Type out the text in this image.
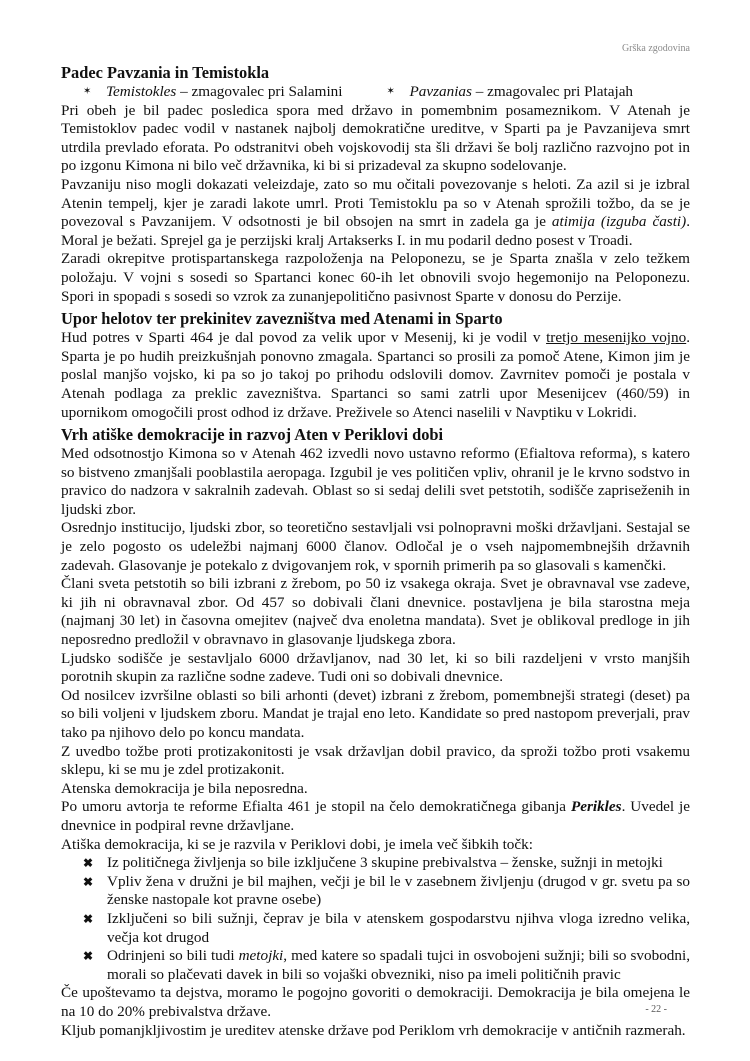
Grška zgodovina
Padec Pavzania in Temistokla
✶ Temistokles – zmagovalec pri Salamini	✶ Pavzanias – zmagovalec pri Platajah

Pri obeh je bil padec posledica spora med državo in pomembnim posameznikom. V Atenah je Temistoklov padec vodil v nastanek najbolj demokratične ureditve, v Sparti pa je Pavzanijeva smrt utrdila prevlado eforata. Po odstranitvi obeh vojskovodij sta šli državi še bolj različno razvojno pot in po izgonu Kimona ni bilo več državnika, ki bi si prizadeval za skupno sodelovanje.

Pavzaniju niso mogli dokazati veleizdaje, zato so mu očitali povezovanje s heloti. Za azil si je izbral Atenin tempelj, kjer je zaradi lakote umrl. Proti Temistoklu pa so v Atenah sprožili tožbo, da se je povezoval s Pavzanijem. V odsotnosti je bil obsojen na smrt in zadela ga je atimija (izguba časti). Moral je bežati. Sprejel ga je perzijski kralj Artakserks I. in mu podaril dedno posest v Troadi.

Zaradi okrepitve protispartanskega razpoloženja na Peloponezu, se je Sparta znašla v zelo težkem položaju. V vojni s sosedi so Spartanci konec 60-ih let obnovili svojo hegemonijo na Peloponezu. Spori in spopadi s sosedi so vzrok za zunanjepolitično pasivnost Sparte v donosu do Perzije.

Upor helotov ter prekinitev zavezništva med Atenami in Sparto

Hud potres v Sparti 464 je dal povod za velik upor v Mesenij, ki je vodil v tretjo mesenijko vojno. Sparta je po hudih preizkušnjah ponovno zmagala. Spartanci so prosili za pomoč Atene, Kimon jim je poslal manjšo vojsko, ki pa so jo takoj po prihodu odslovili domov. Zavrnitev pomoči je postala v Atenah podlaga za preklic zavezništva. Spartanci so sami zatrli upor Mesenijcev (460/59) in upornikom omogočili prost odhod iz države. Preživele so Atenci naselili v Navptiku v Lokridi.

Vrh atiške demokracije in razvoj Aten v Periklovi dobi

Med odsotnostjo Kimona so v Atenah 462 izvedli novo ustavno reformo (Efialtova reforma), s katero so bistveno zmanjšali pooblastila aeropaga. Izgubil je ves političen vpliv, ohranil je le krvno sodstvo in pravico do nadzora v sakralnih zadevah. Oblast so si sedaj delili svet petstotih, sodišče zapriseženih in ljudski zbor.

Osrednjo institucijo, ljudski zbor, so teoretično sestavljali vsi polnopravni moški državljani. Sestajal se je zelo pogosto os udeležbi najmanj 6000 članov. Odločal je o vseh najpomembnejših državnih zadevah. Glasovanje je potekalo z dvigovanjem rok, v spornih primerih pa so glasovali s kamenčki.

Člani sveta petstotih so bili izbrani z žrebom, po 50 iz vsakega okraja. Svet je obravnaval vse zadeve, ki jih ni obravnaval zbor. Od 457 so dobivali člani dnevnice. postavljena je bila starostna meja (najmanj 30 let) in časovna omejitev (največ dva enoletna mandata). Svet je oblikoval predloge in jih neposredno predložil v obravnavo in glasovanje ljudskega zbora.

Ljudsko sodišče je sestavljalo 6000 državljanov, nad 30 let, ki so bili razdeljeni v vrsto manjših porotnih skupin za različne sodne zadeve. Tudi oni so dobivali dnevnice.

Od nosilcev izvršilne oblasti so bili arhonti (devet) izbrani z žrebom, pomembnejši strategi (deset) pa so bili voljeni v ljudskem zboru. Mandat je trajal eno leto. Kandidate so pred nastopom preverjali, prav tako pa njihovo delo po koncu mandata.

Z uvedbo tožbe proti protizakonitosti je vsak državljan dobil pravico, da sproži tožbo proti vsakemu sklepu, ki se mu je zdel protizakonit.

Atenska demokracija je bila neposredna.

Po umoru avtorja te reforme Efialta 461 je stopil na čelo demokratičnega gibanja Perikles. Uvedel je dnevnice in podpiral revne državljane.

Atiška demokracija, ki se je razvila v Periklovi dobi, je imela več šibkih točk:

✖ Iz političnega življenja so bile izključene 3 skupine prebivalstva – ženske, sužnji in metojki
✖ Vpliv žena v družni je bil majhen, večji je bil le v zasebnem življenju (drugod v gr. svetu pa so ženske nastopale kot pravne osebe)
✖ Izključeni so bili sužnji, čeprav je bila v atenskem gospodarstvu njihva vloga izredno velika, večja kot drugod
✖ Odrinjeni so bili tudi metojki, med katere so spadali tujci in osvobojeni sužnji; bili so svobodni, morali so plačevati davek in bili so vojaški obvezniki, niso pa imeli političnih pravic

Če upoštevamo ta dejstva, moramo le pogojno govoriti o demokraciji. Demokracija je bila omejena le na 10 do 20% prebivalstva države.

Kljub pomanjkljivostim je ureditev atenske države pod Periklom vrh demokracije v antičnih razmerah.

- 22 -
